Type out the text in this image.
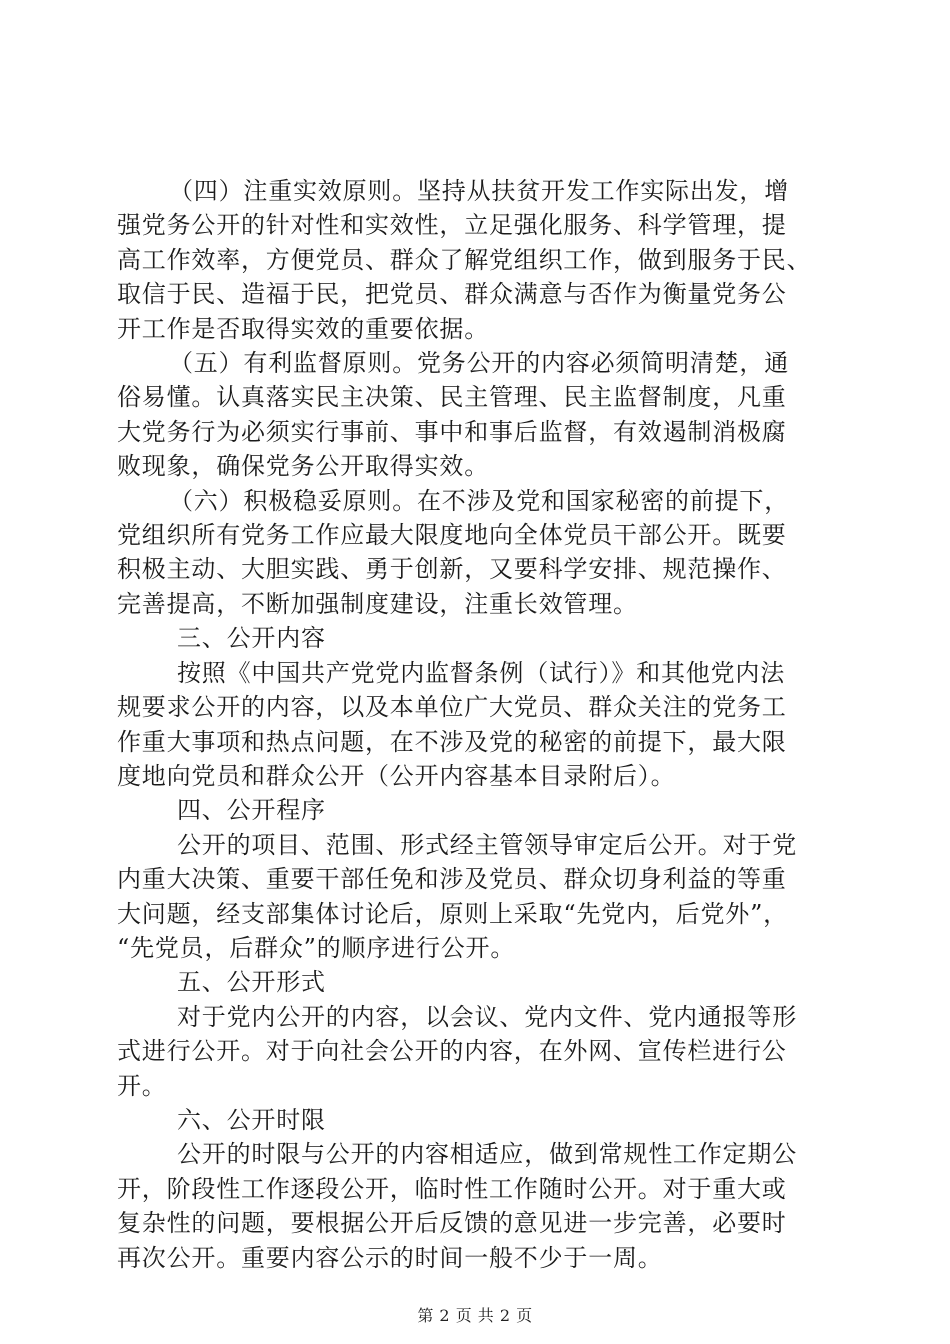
（四）注重实效原则。坚持从扶贫开发工作实际出发，增
强党务公开的针对性和实效性，立足强化服务、科学管理，提
高工作效率，方便党员、群众了解党组织工作，做到服务于民、
取信于民、造福于民，把党员、群众满意与否作为衡量党务公
开工作是否取得实效的重要依据。

（五）有利监督原则。党务公开的内容必须简明清楚，通
俗易懂。认真落实民主决策、民主管理、民主监督制度，凡重
大党务行为必须实行事前、事中和事后监督，有效遏制消极腐
败现象，确保党务公开取得实效。

（六）积极稳妥原则。在不涉及党和国家秘密的前提下，
党组织所有党务工作应最大限度地向全体党员干部公开。既要
积极主动、大胆实践、勇于创新，又要科学安排、规范操作、
完善提高，不断加强制度建设，注重长效管理。

三、公开内容

按照《中国共产党党内监督条例（试行）》和其他党内法
规要求公开的内容，以及本单位广大党员、群众关注的党务工
作重大事项和热点问题，在不涉及党的秘密的前提下，最大限
度地向党员和群众公开（公开内容基本目录附后）。

四、公开程序

公开的项目、范围、形式经主管领导审定后公开。对于党
内重大决策、重要干部任免和涉及党员、群众切身利益的等重
大问题，经支部集体讨论后，原则上采取“先党内，后党外”，
“先党员，后群众”的顺序进行公开。

五、公开形式

对于党内公开的内容，以会议、党内文件、党内通报等形
式进行公开。对于向社会公开的内容，在外网、宣传栏进行公
开。

六、公开时限

公开的时限与公开的内容相适应，做到常规性工作定期公
开，阶段性工作逐段公开，临时性工作随时公开。对于重大或
复杂性的问题，要根据公开后反馈的意见进一步完善，必要时
再次公开。重要内容公示的时间一般不少于一周。

第 2 页 共 2 页
